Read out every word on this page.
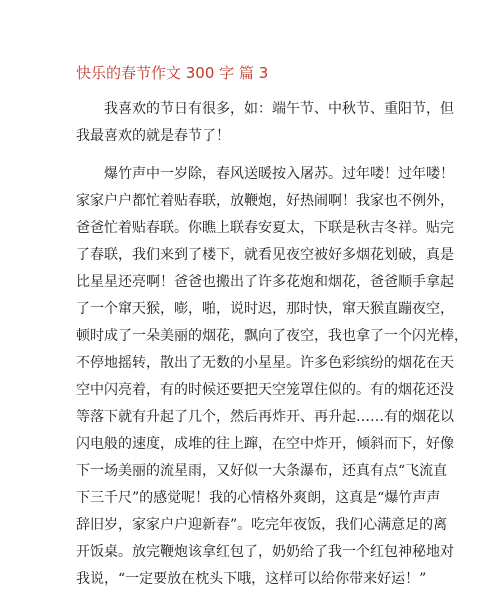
快乐的春节作文 300 字 篇 3
　　我喜欢的节日有很多，如：端午节、中秋节、重阳节，但
我最喜欢的就是春节了！
　　爆竹声中一岁除，春风送暖按入屠苏。过年喽！过年喽！
家家户户都忙着贴春联，放鞭炮，好热闹啊！我家也不例外，
爸爸忙着贴春联。你瞧上联春安夏太，下联是秋吉冬祥。贴完
了春联，我们来到了楼下，就看见夜空被好多烟花划破，真是
比星星还亮啊！爸爸也搬出了许多花炮和烟花，爸爸顺手拿起
了一个窜天猴，嘭，啪，说时迟，那时快，窜天猴直蹦夜空，
顿时成了一朵美丽的烟花，飘向了夜空，我也拿了一个闪光棒，
不停地摇转，散出了无数的小星星。许多色彩缤纷的烟花在天
空中闪亮着，有的时候还要把天空笼罩住似的。有的烟花还没
等落下就有升起了几个，然后再炸开、再升起……有的烟花以
闪电般的速度，成堆的往上蹿，在空中炸开，倾斜而下，好像
下一场美丽的流星雨，又好似一大条瀑布，还真有点“飞流直
下三千尺”的感觉呢！我的心情格外爽朗，这真是“爆竹声声
辞旧岁，家家户户迎新春”。吃完年夜饭，我们心满意足的离
开饭桌。放完鞭炮该拿红包了，奶奶给了我一个红包神秘地对
我说，“一定要放在枕头下哦，这样可以给你带来好运！”
